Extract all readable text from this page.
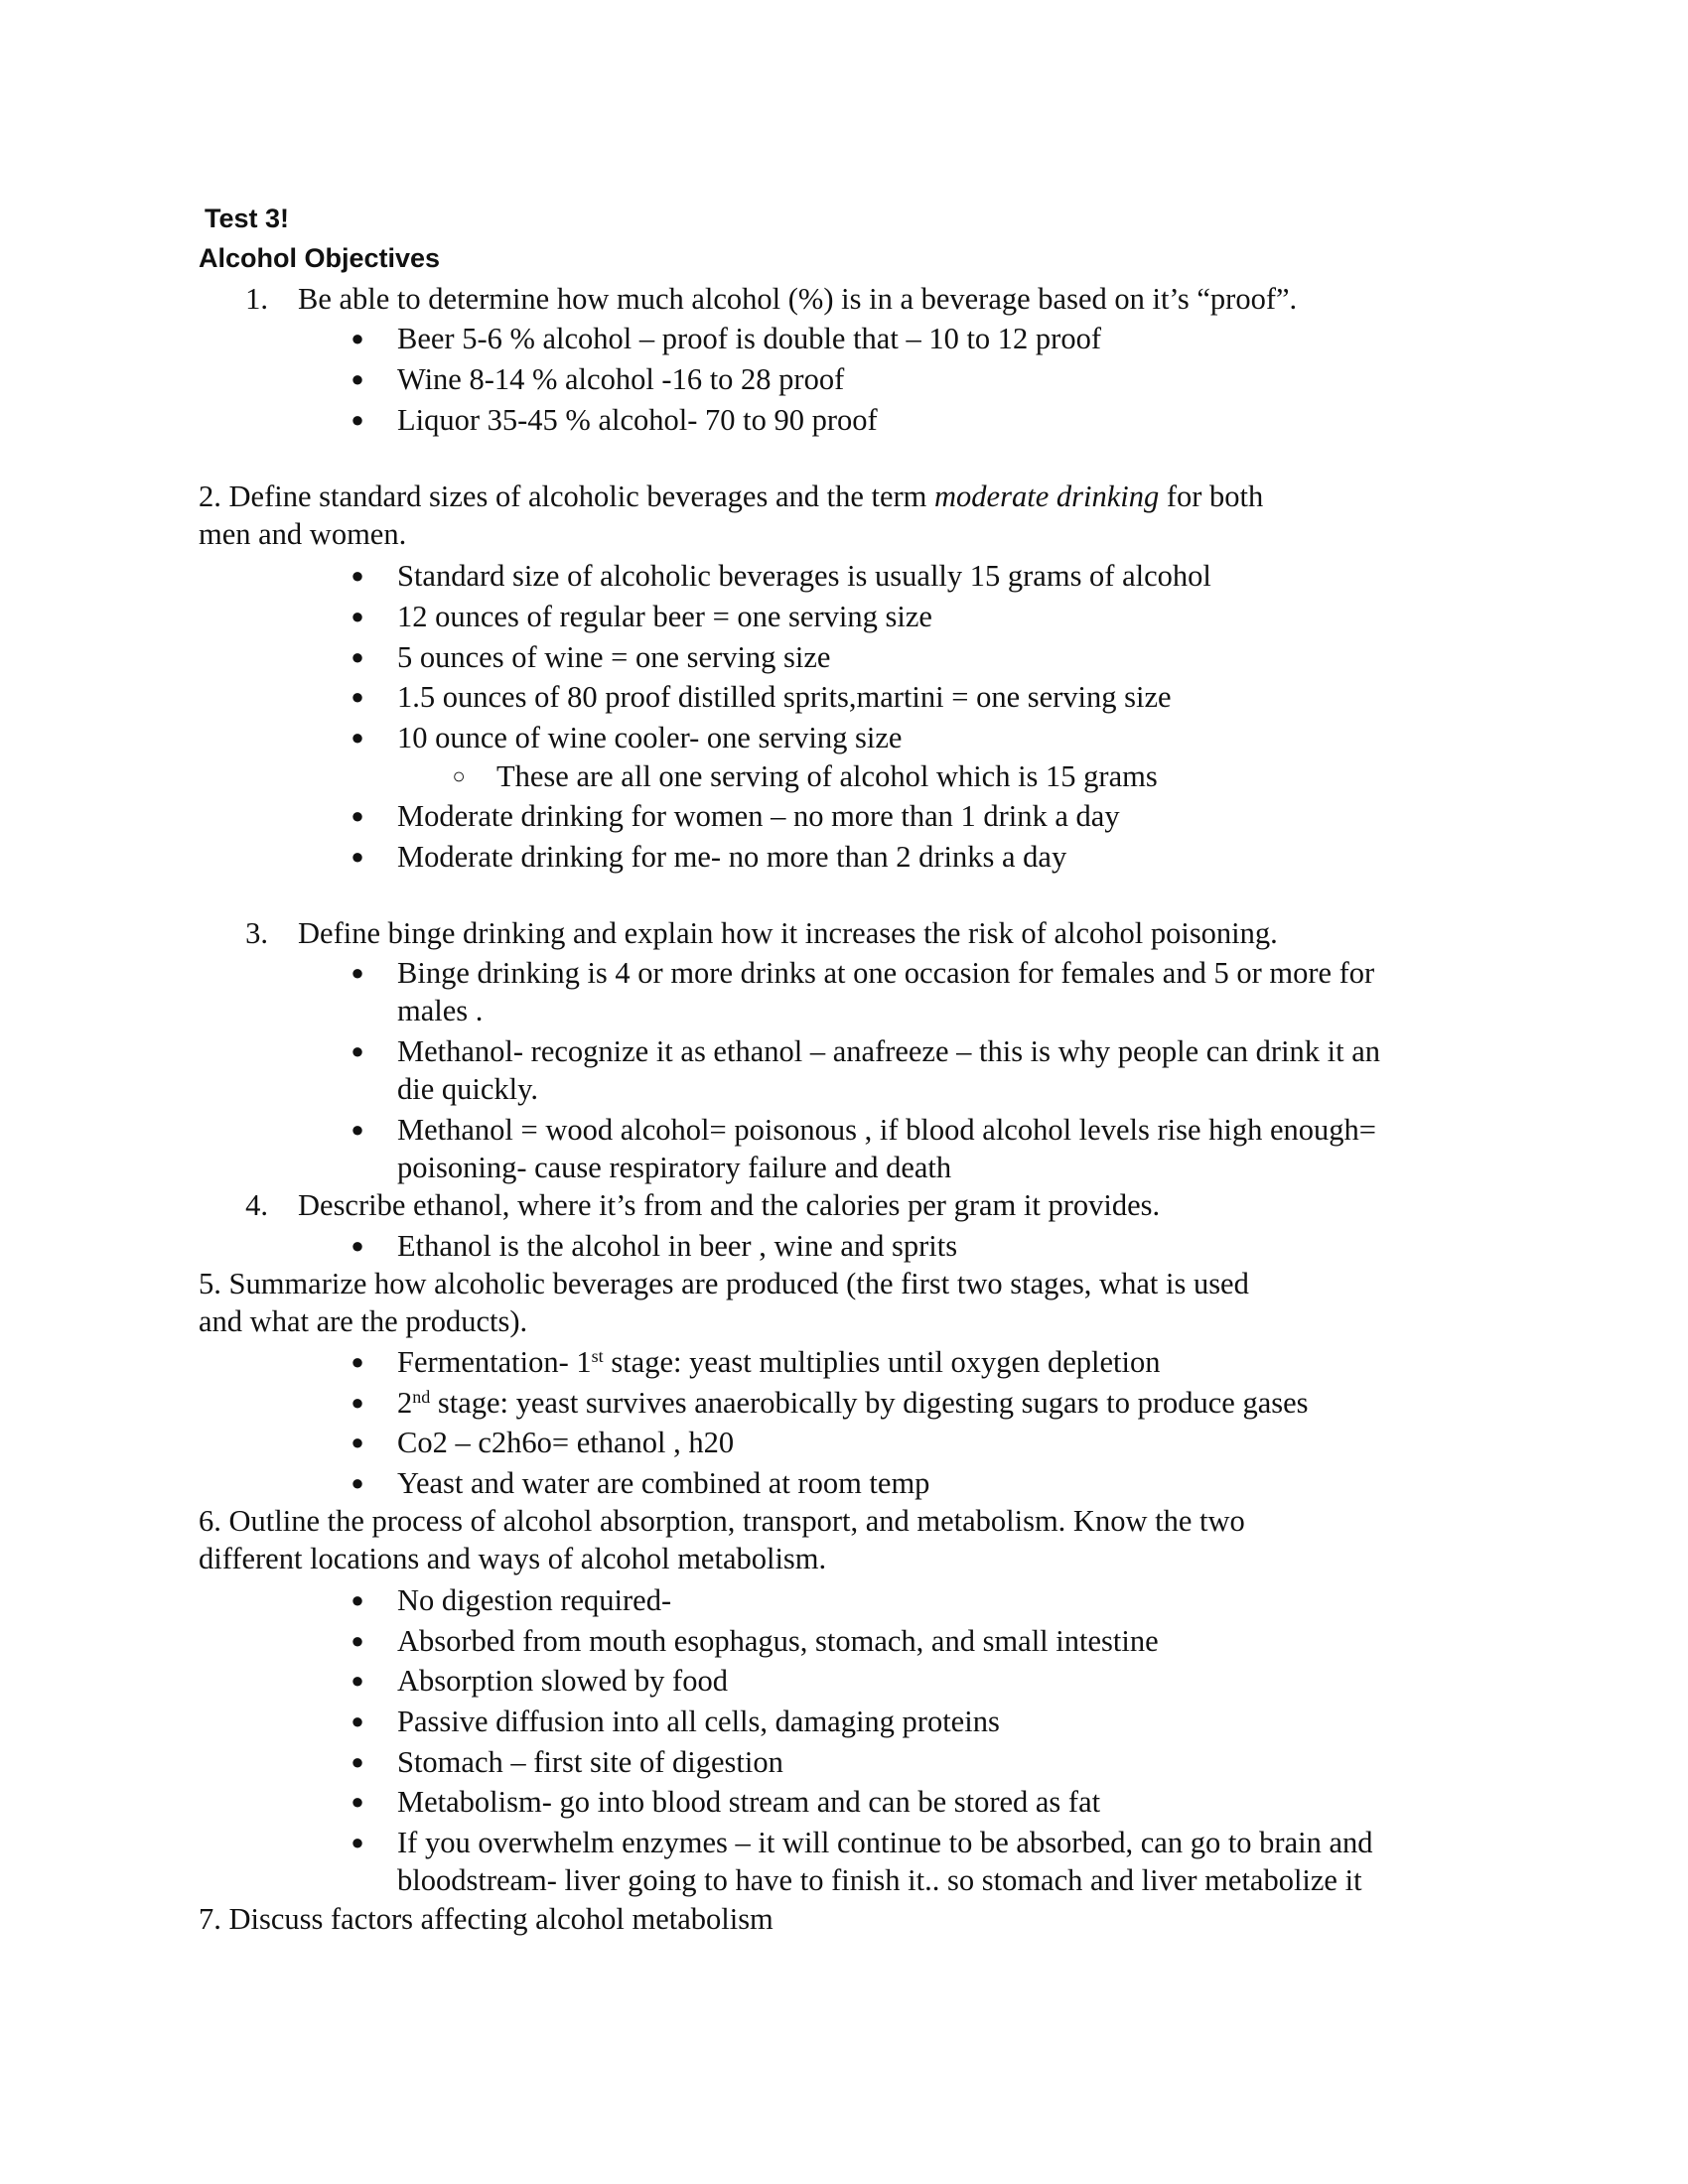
Test 3!
Alcohol Objectives
1. Be able to determine how much alcohol (%) is in a beverage based on it’s “proof”.
● Beer 5-6 % alcohol – proof is double that – 10 to 12 proof
● Wine 8-14 % alcohol -16 to 28 proof
● Liquor 35-45 % alcohol- 70 to 90 proof
2. Define standard sizes of alcoholic beverages and the term moderate drinking for both
men and women.
● Standard size of alcoholic beverages is usually 15 grams of alcohol
● 12 ounces of regular beer = one serving size
● 5 ounces of wine = one serving size
● 1.5 ounces of 80 proof distilled sprits,martini = one serving size
● 10 ounce of wine cooler- one serving size
○ These are all one serving of alcohol which is 15 grams
● Moderate drinking for women – no more than 1 drink a day
● Moderate drinking for me- no more than 2 drinks a day
3. Define binge drinking and explain how it increases the risk of alcohol poisoning.
● Binge drinking is 4 or more drinks at one occasion for females and 5 or more for
males .
● Methanol- recognize it as ethanol – anafreeze – this is why people can drink it an
die quickly.
● Methanol = wood alcohol= poisonous , if blood alcohol levels rise high enough=
poisoning- cause respiratory failure and death
4. Describe ethanol, where it’s from and the calories per gram it provides.
● Ethanol is the alcohol in beer , wine and sprits
5. Summarize how alcoholic beverages are produced (the first two stages, what is used
and what are the products).
● Fermentation- 1st stage: yeast multiplies until oxygen depletion
● 2nd stage: yeast survives anaerobically by digesting sugars to produce gases
● Co2 – c2h6o= ethanol , h20
● Yeast and water are combined at room temp
6. Outline the process of alcohol absorption, transport, and metabolism. Know the two
different locations and ways of alcohol metabolism.
● No digestion required-
● Absorbed from mouth esophagus, stomach, and small intestine
● Absorption slowed by food
● Passive diffusion into all cells, damaging proteins
● Stomach – first site of digestion
● Metabolism- go into blood stream and can be stored as fat
● If you overwhelm enzymes – it will continue to be absorbed, can go to brain and
bloodstream- liver going to have to finish it.. so stomach and liver metabolize it
7. Discuss factors affecting alcohol metabolism
